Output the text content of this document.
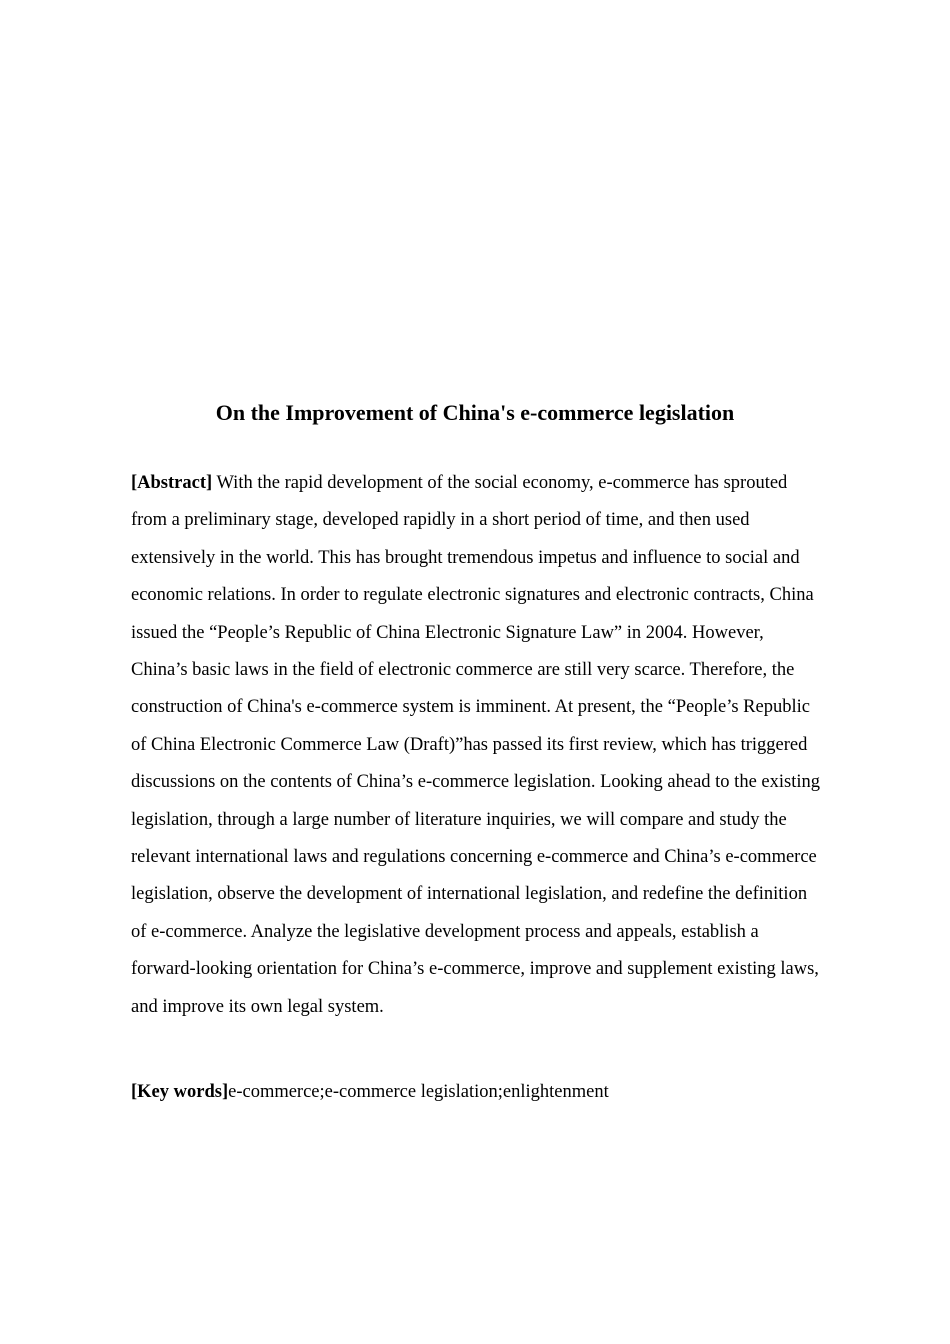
On the Improvement of China's e-commerce legislation

[Abstract] With the rapid development of the social economy, e-commerce has sprouted from a preliminary stage, developed rapidly in a short period of time, and then used extensively in the world. This has brought tremendous impetus and influence to social and economic relations. In order to regulate electronic signatures and electronic contracts, China issued the “People’s Republic of China Electronic Signature Law” in 2004. However, China’s basic laws in the field of electronic commerce are still very scarce. Therefore, the construction of China's e-commerce system is imminent. At present, the “People’s Republic of China Electronic Commerce Law (Draft)”has passed its first review, which has triggered discussions on the contents of China’s e-commerce legislation. Looking ahead to the existing legislation, through a large number of literature inquiries, we will compare and study the relevant international laws and regulations concerning e-commerce and China’s e-commerce legislation, observe the development of international legislation, and redefine the definition of e-commerce. Analyze the legislative development process and appeals, establish a forward-looking orientation for China’s e-commerce, improve and supplement existing laws, and improve its own legal system.

[Key words]e-commerce;e-commerce legislation;enlightenment
